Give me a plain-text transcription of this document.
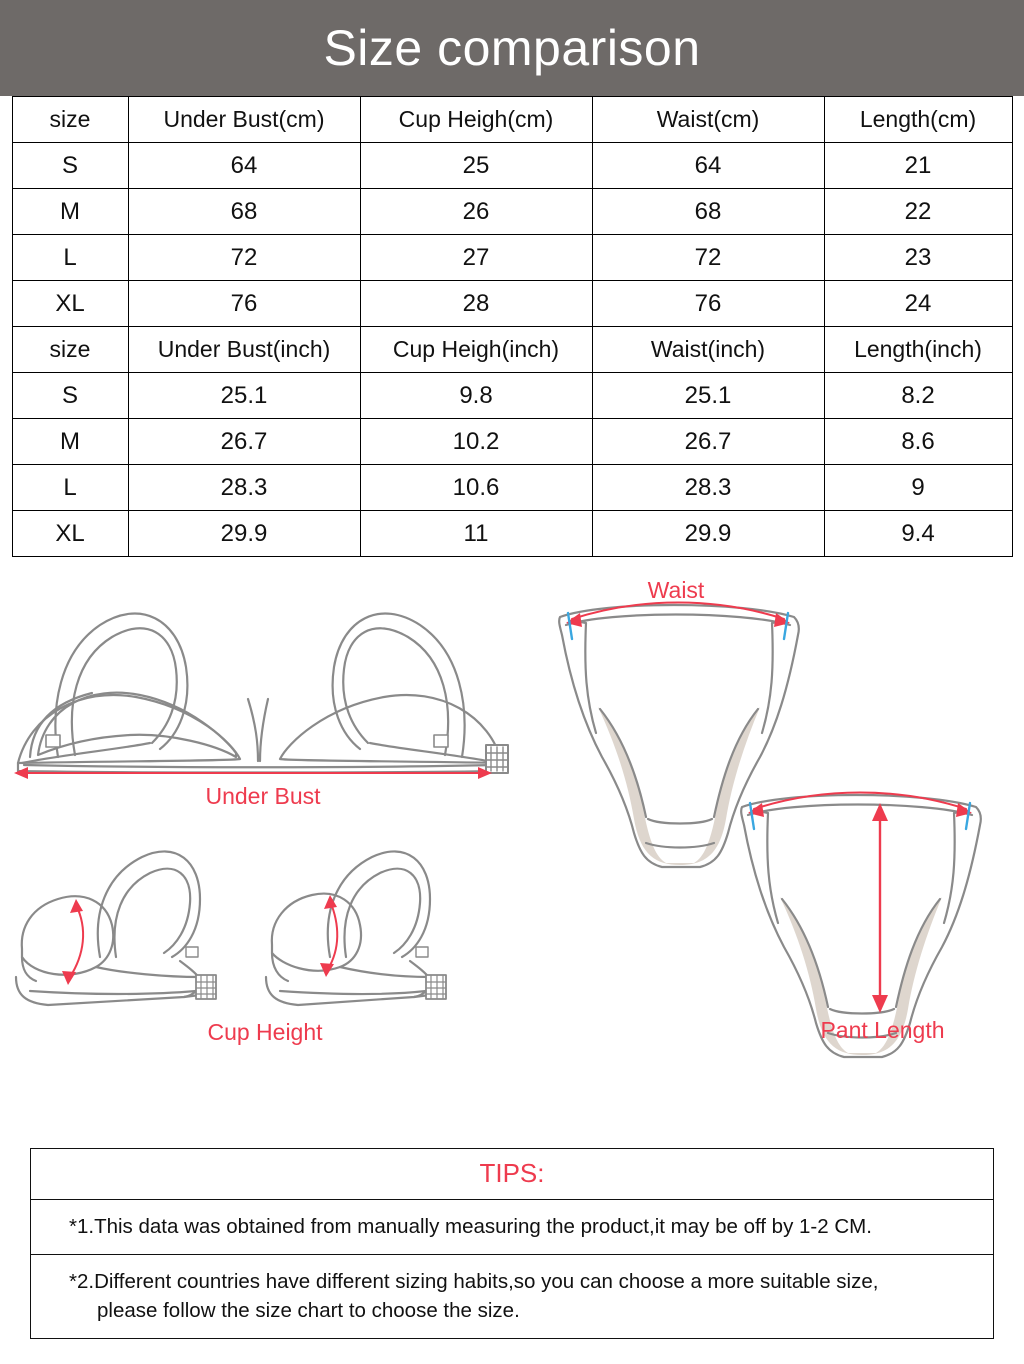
Size comparison
size	Under Bust(cm)	Cup Heigh(cm)	Waist(cm)	Length(cm)
S	64	25	64	21
M	68	26	68	22
L	72	27	72	23
XL	76	28	76	24
size	Under Bust(inch)	Cup Heigh(inch)	Waist(inch)	Length(inch)
S	25.1	9.8	25.1	8.2
M	26.7	10.2	26.7	8.6
L	28.3	10.6	28.3	9
XL	29.9	11	29.9	9.4
Under Bust
Cup Height
Waist
Pant Length
TIPS:
*1.This data was obtained from manually measuring the product,it may be off by 1-2 CM.
*2.Different countries have different sizing habits,so you can choose a more suitable size,
please follow the size chart to choose the size.
